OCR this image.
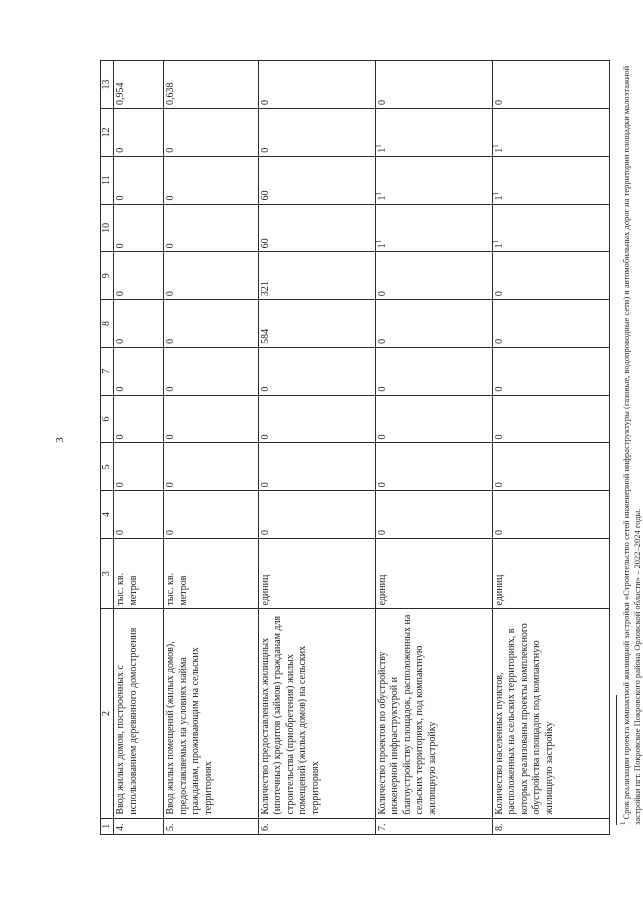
3
1	2	3	4	5	6	7	8	9	10	11	12	13
4.	Ввод жилых домов, построенных с использованием деревянного домостроения	тыс. кв. метров	0	0	0	0	0	0	0	0	0	0,954
5.	Ввод жилых помещений (жилых домов), предоставляемых на условиях найма гражданам, проживающим на сельских территориях	тыс. кв. метров	0	0	0	0	0	0	0	0	0	0,638
6.	Количество предоставленных жилищных (ипотечных) кредитов (займов) гражданам для строительства (приобретения) жилых помещений (жилых домов) на сельских территориях	единиц	0	0	0	0	584	321	60	60	0	0
7.	Количество проектов по обустройству инженерной инфраструктурой и благоустройству площадок, расположенных на сельских территориях, под компактную жилищную застройку	единиц	0	0	0	0	0	0	$1^1$	$1^1$	$1^1$	0
8.	Количество населенных пунктов, расположенных на сельских территориях, в которых реализованы проекты комплексного обустройства площадок под компактную жилищную застройку	единиц	0	0	0	0	0	0	$1^1$	$1^1$	$1^1$	0
$^1$ Срок реализации проекта компактной жилищной застройки «Строительство сетей инженерной инфраструктуры (газовые, водопроводные сети) и автомобильных дорог на территории площадки малоэтажной застройки пгт. Покровское Покровского района Орловской области» – 2022–2024 годы.
